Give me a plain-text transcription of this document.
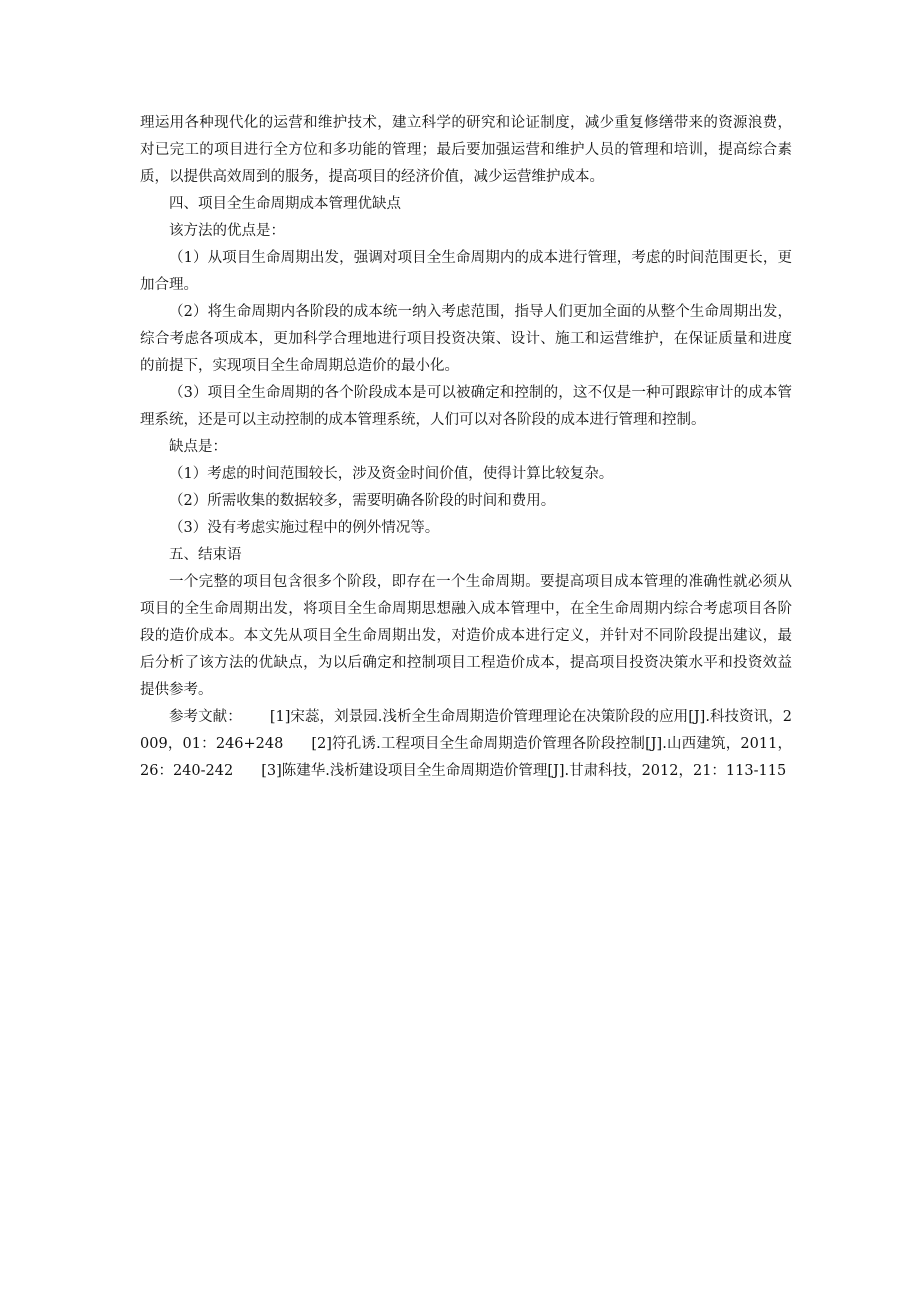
理运用各种现代化的运营和维护技术，建立科学的研究和论证制度，减少重复修缮带来的资源浪费，对已完工的项目进行全方位和多功能的管理；最后要加强运营和维护人员的管理和培训，提高综合素质，以提供高效周到的服务，提高项目的经济价值，减少运营维护成本。

四、项目全生命周期成本管理优缺点

该方法的优点是：

（1）从项目生命周期出发，强调对项目全生命周期内的成本进行管理，考虑的时间范围更长，更加合理。

（2）将生命周期内各阶段的成本统一纳入考虑范围，指导人们更加全面的从整个生命周期出发，综合考虑各项成本，更加科学合理地进行项目投资决策、设计、施工和运营维护，在保证质量和进度的前提下，实现项目全生命周期总造价的最小化。

（3）项目全生命周期的各个阶段成本是可以被确定和控制的，这不仅是一种可跟踪审计的成本管理系统，还是可以主动控制的成本管理系统，人们可以对各阶段的成本进行管理和控制。

缺点是：

（1）考虑的时间范围较长，涉及资金时间价值，使得计算比较复杂。

（2）所需收集的数据较多，需要明确各阶段的时间和费用。

（3）没有考虑实施过程中的例外情况等。

五、结束语

一个完整的项目包含很多个阶段，即存在一个生命周期。要提高项目成本管理的准确性就必须从项目的全生命周期出发，将项目全生命周期思想融入成本管理中，在全生命周期内综合考虑项目各阶段的造价成本。本文先从项目全生命周期出发，对造价成本进行定义，并针对不同阶段提出建议，最后分析了该方法的优缺点，为以后确定和控制项目工程造价成本，提高项目投资决策水平和投资效益提供参考。

参考文献： [1]宋蕊，刘景园.浅析全生命周期造价管理理论在决策阶段的应用[J].科技资讯，2009，01：246+248 [2]符孔诱.工程项目全生命周期造价管理各阶段控制[J].山西建筑，2011，26：240-242 [3]陈建华.浅析建设项目全生命周期造价管理[J].甘肃科技，2012，21：113-115
